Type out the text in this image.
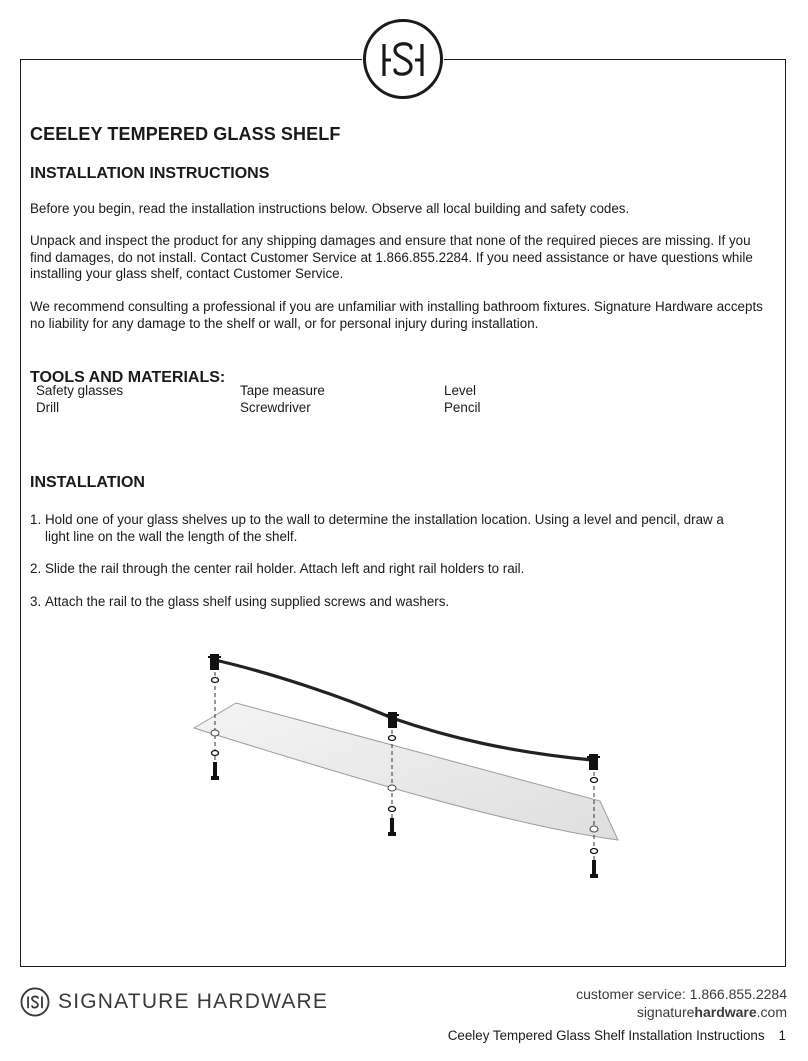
CEELEY TEMPERED GLASS SHELF
INSTALLATION INSTRUCTIONS

Before you begin, read the installation instructions below. Observe all local building and safety codes.

Unpack and inspect the product for any shipping damages and ensure that none of the required pieces are missing. If you find damages, do not install. Contact Customer Service at 1.866.855.2284. If you need assistance or have questions while installing your glass shelf, contact Customer Service.

We recommend consulting a professional if you are unfamiliar with installing bathroom fixtures. Signature Hardware accepts no liability for any damage to the shelf or wall, or for personal injury during installation.

TOOLS AND MATERIALS:
Safety glasses
Drill
Tape measure
Screwdriver
Level
Pencil
INSTALLATION
1. Hold one of your glass shelves up to the wall to determine the installation location. Using a level and pencil, draw a light line on the wall the length of the shelf.
2. Slide the rail through the center rail holder. Attach left and right rail holders to rail.
3. Attach the rail to the glass shelf using supplied screws and washers.
SIGNATURE HARDWARE	customer service: 1.866.855.2284
signaturehardware.com
Ceeley Tempered Glass Shelf Installation Instructions 1
